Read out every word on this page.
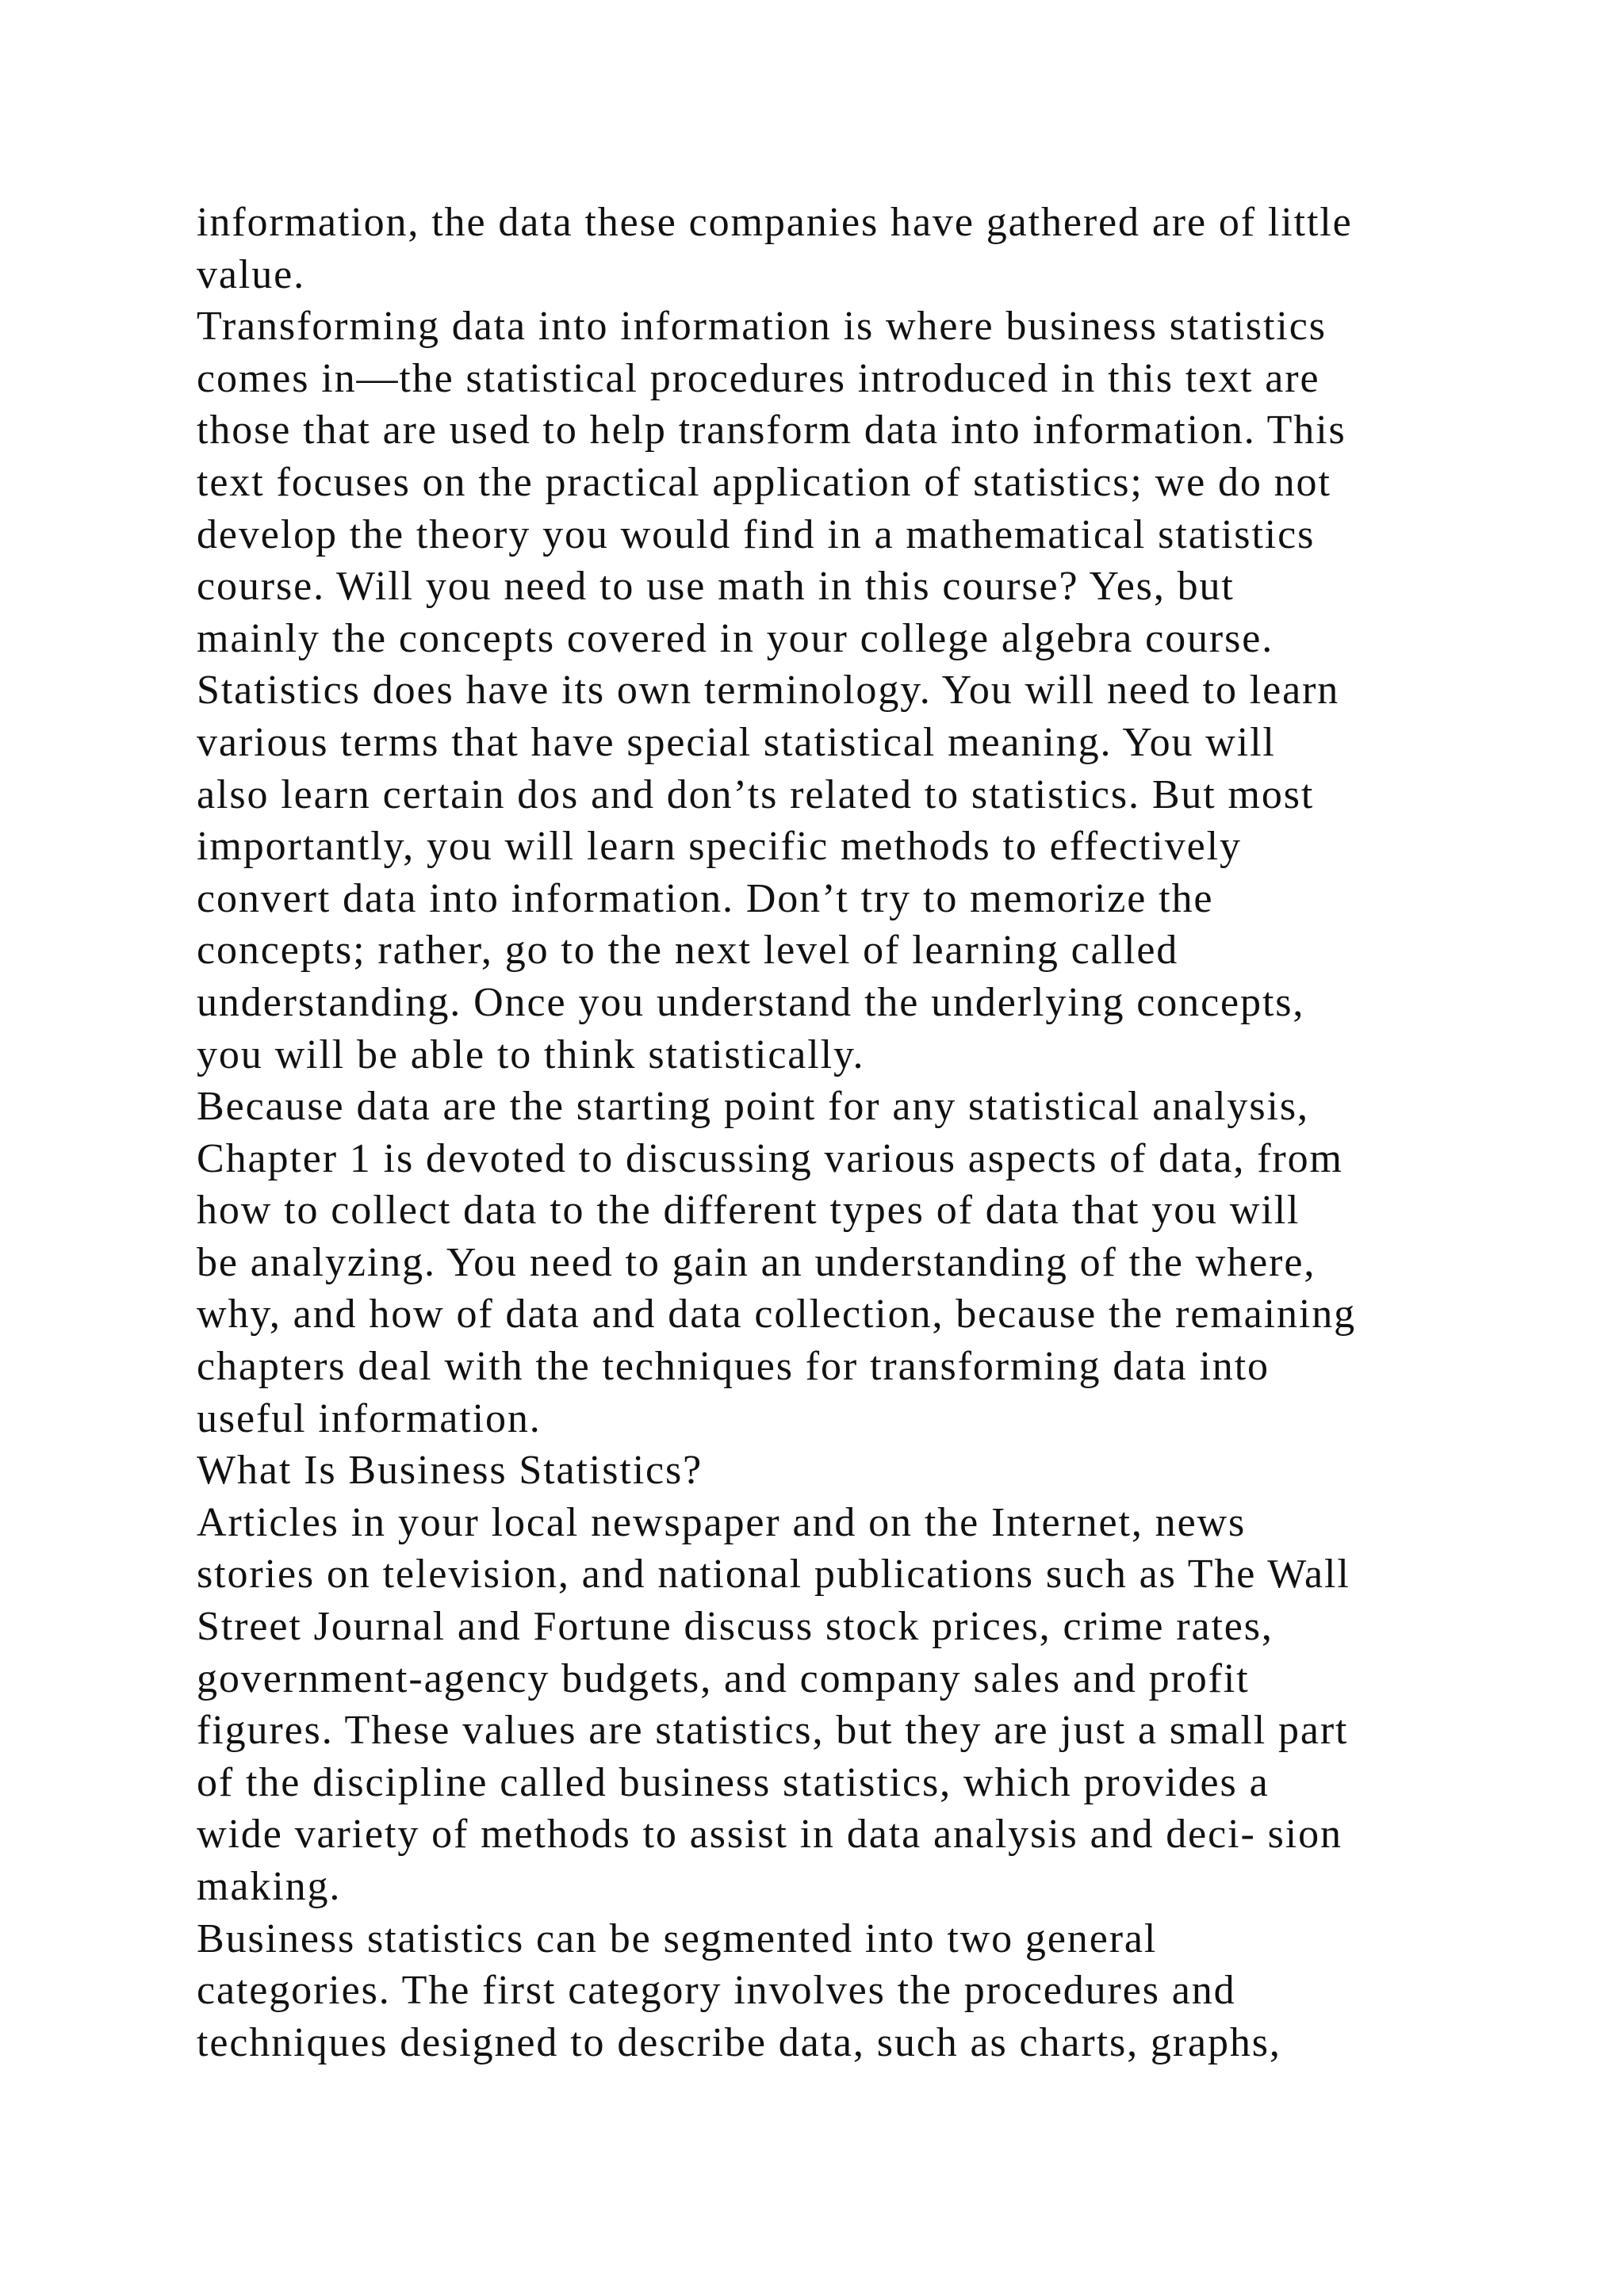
information, the data these companies have gathered are of little
value.
Transforming data into information is where business statistics
comes in—the statistical procedures introduced in this text are
those that are used to help transform data into information. This
text focuses on the practical application of statistics; we do not
develop the theory you would find in a mathematical statistics
course. Will you need to use math in this course? Yes, but
mainly the concepts covered in your college algebra course.
Statistics does have its own terminology. You will need to learn
various terms that have special statistical meaning. You will
also learn certain dos and don’ts related to statistics. But most
importantly, you will learn specific methods to effectively
convert data into information. Don’t try to memorize the
concepts; rather, go to the next level of learning called
understanding. Once you understand the underlying concepts,
you will be able to think statistically.
Because data are the starting point for any statistical analysis,
Chapter 1 is devoted to discussing various aspects of data, from
how to collect data to the different types of data that you will
be analyzing. You need to gain an understanding of the where,
why, and how of data and data collection, because the remaining
chapters deal with the techniques for transforming data into
useful information.
What Is Business Statistics?
Articles in your local newspaper and on the Internet, news
stories on television, and national publications such as The Wall
Street Journal and Fortune discuss stock prices, crime rates,
government-agency budgets, and company sales and profit
figures. These values are statistics, but they are just a small part
of the discipline called business statistics, which provides a
wide variety of methods to assist in data analysis and deci- sion
making.
Business statistics can be segmented into two general
categories. The first category involves the procedures and
techniques designed to describe data, such as charts, graphs,
